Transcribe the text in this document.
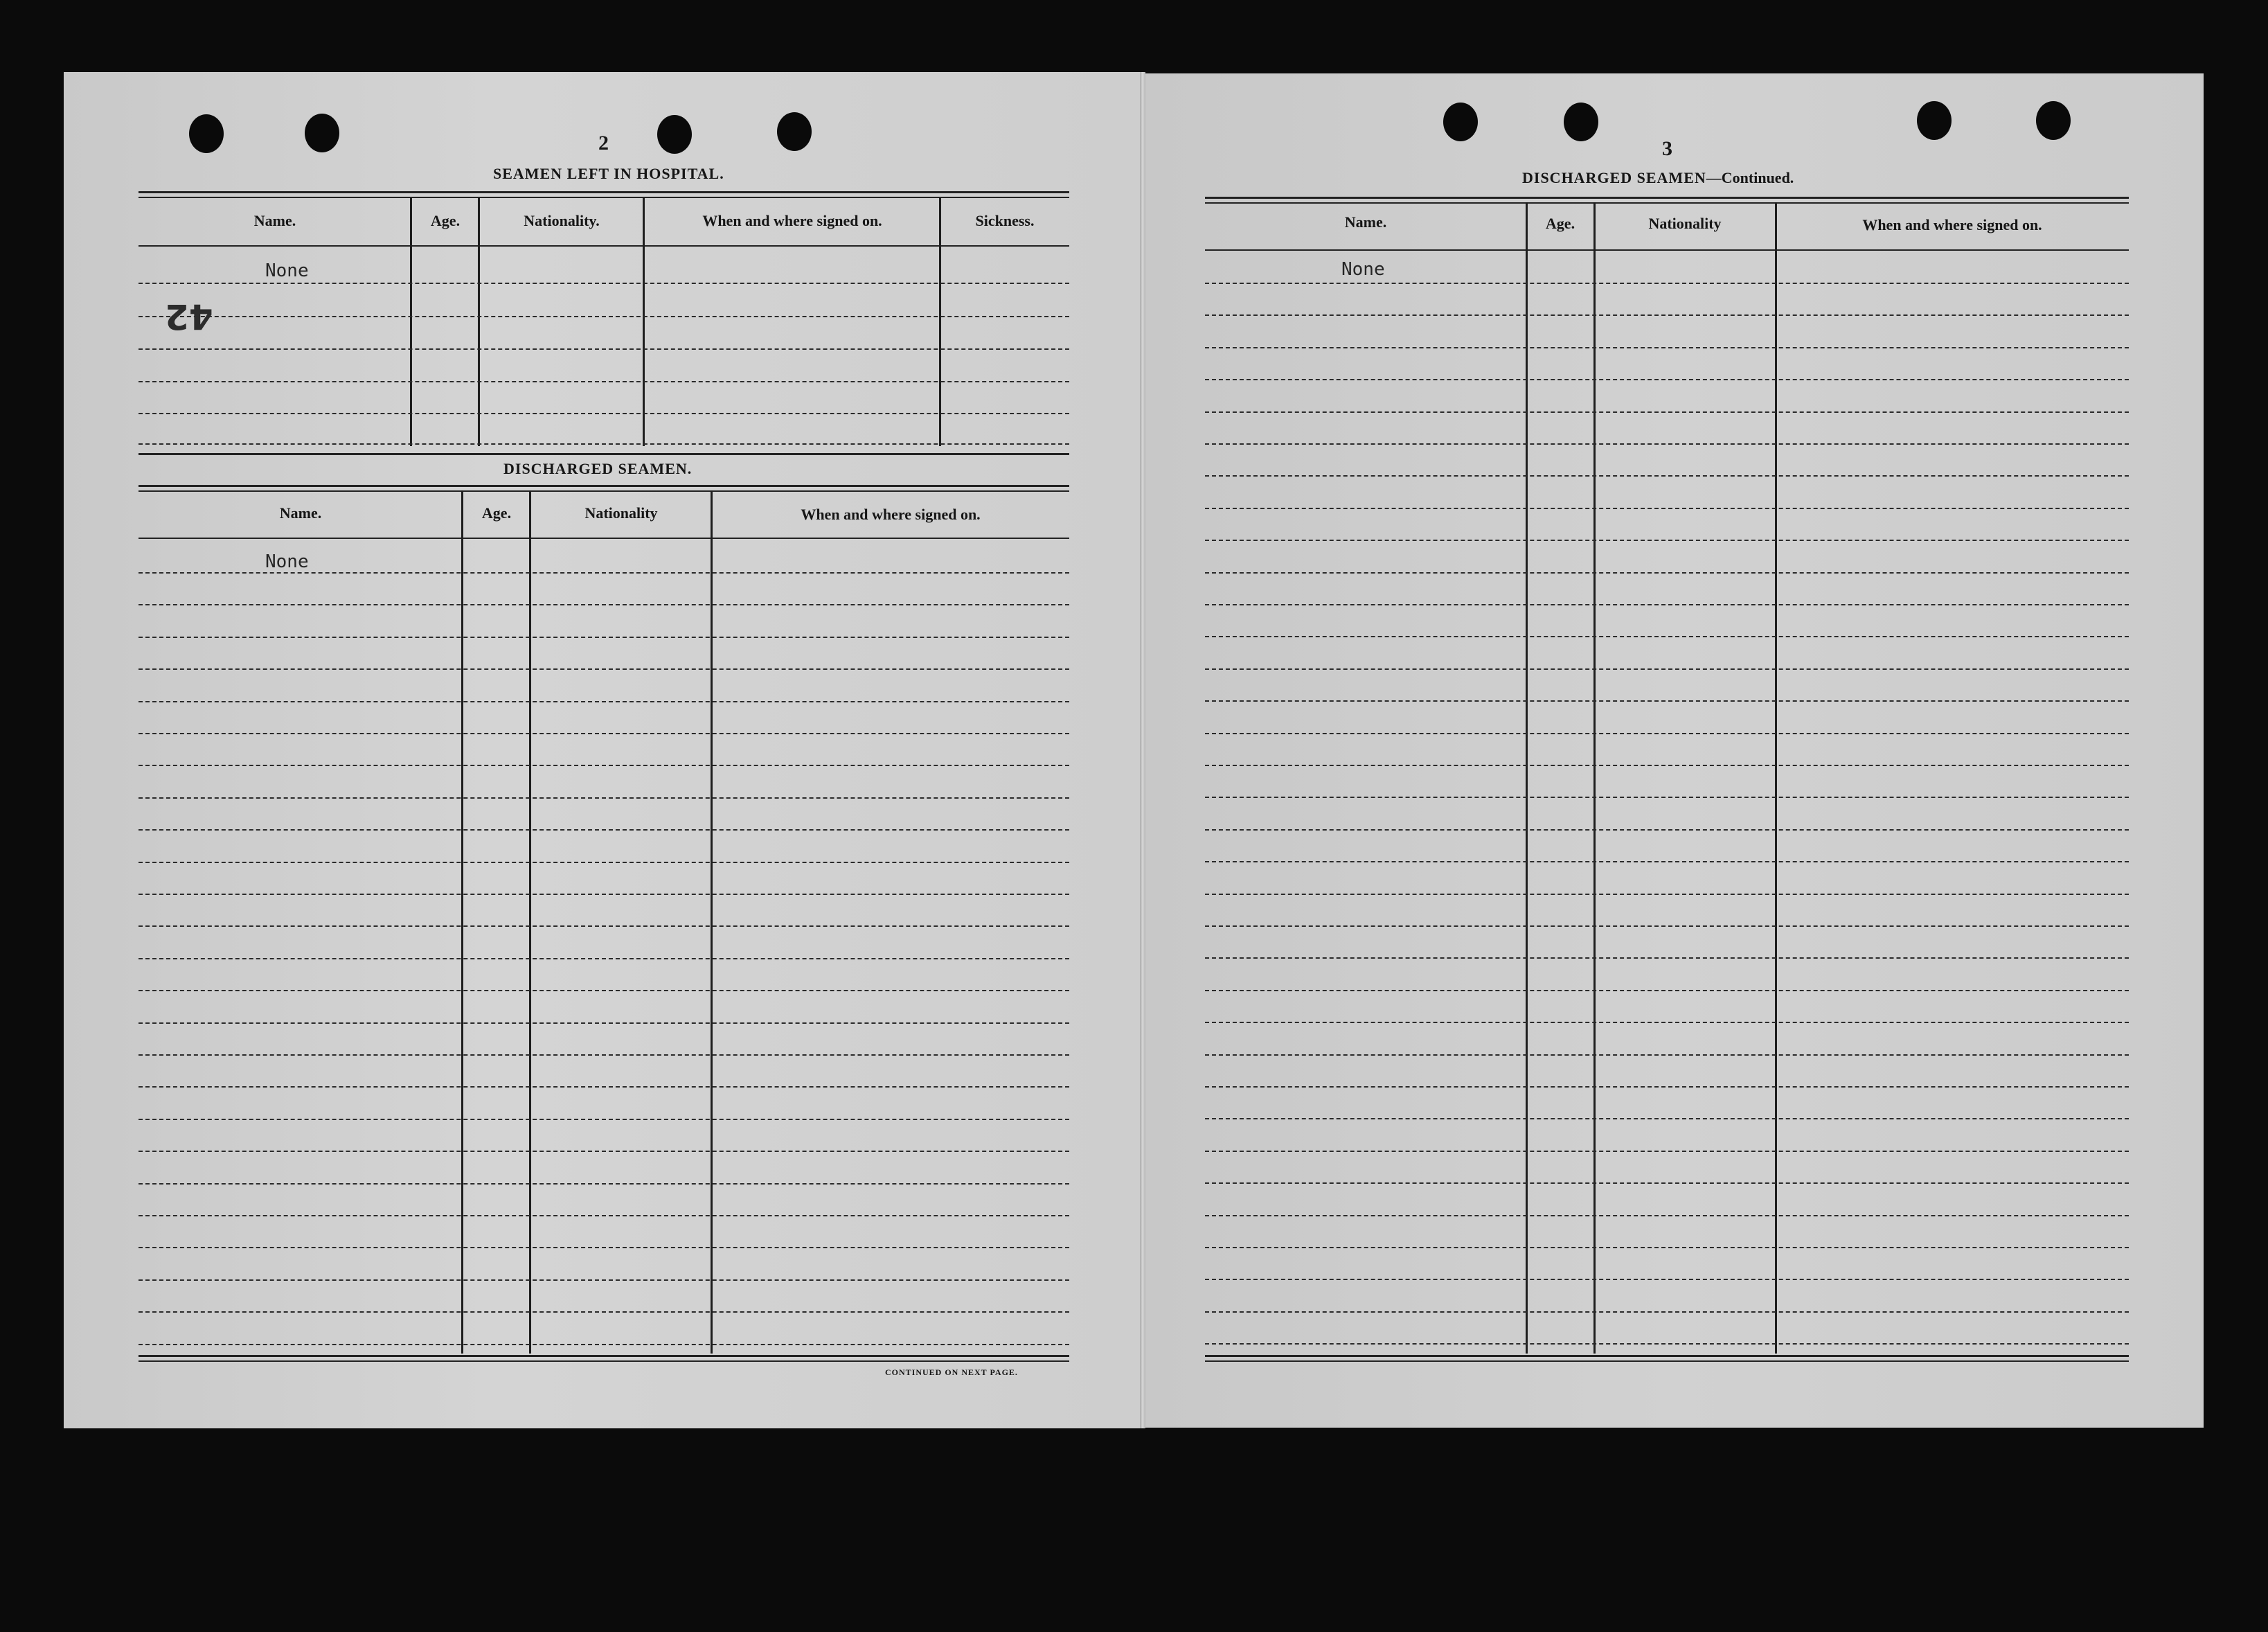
2
SEAMEN LEFT IN HOSPITAL.
Name.	Age.	Nationality.	When and where signed on.	Sickness.
None
42
DISCHARGED SEAMEN.
Name.	Age.	Nationality	When and where signed on.
None
CONTINUED ON NEXT PAGE.
3
DISCHARGED SEAMEN—Continued.
Name.	Age.	Nationality	When and where signed on.
None
